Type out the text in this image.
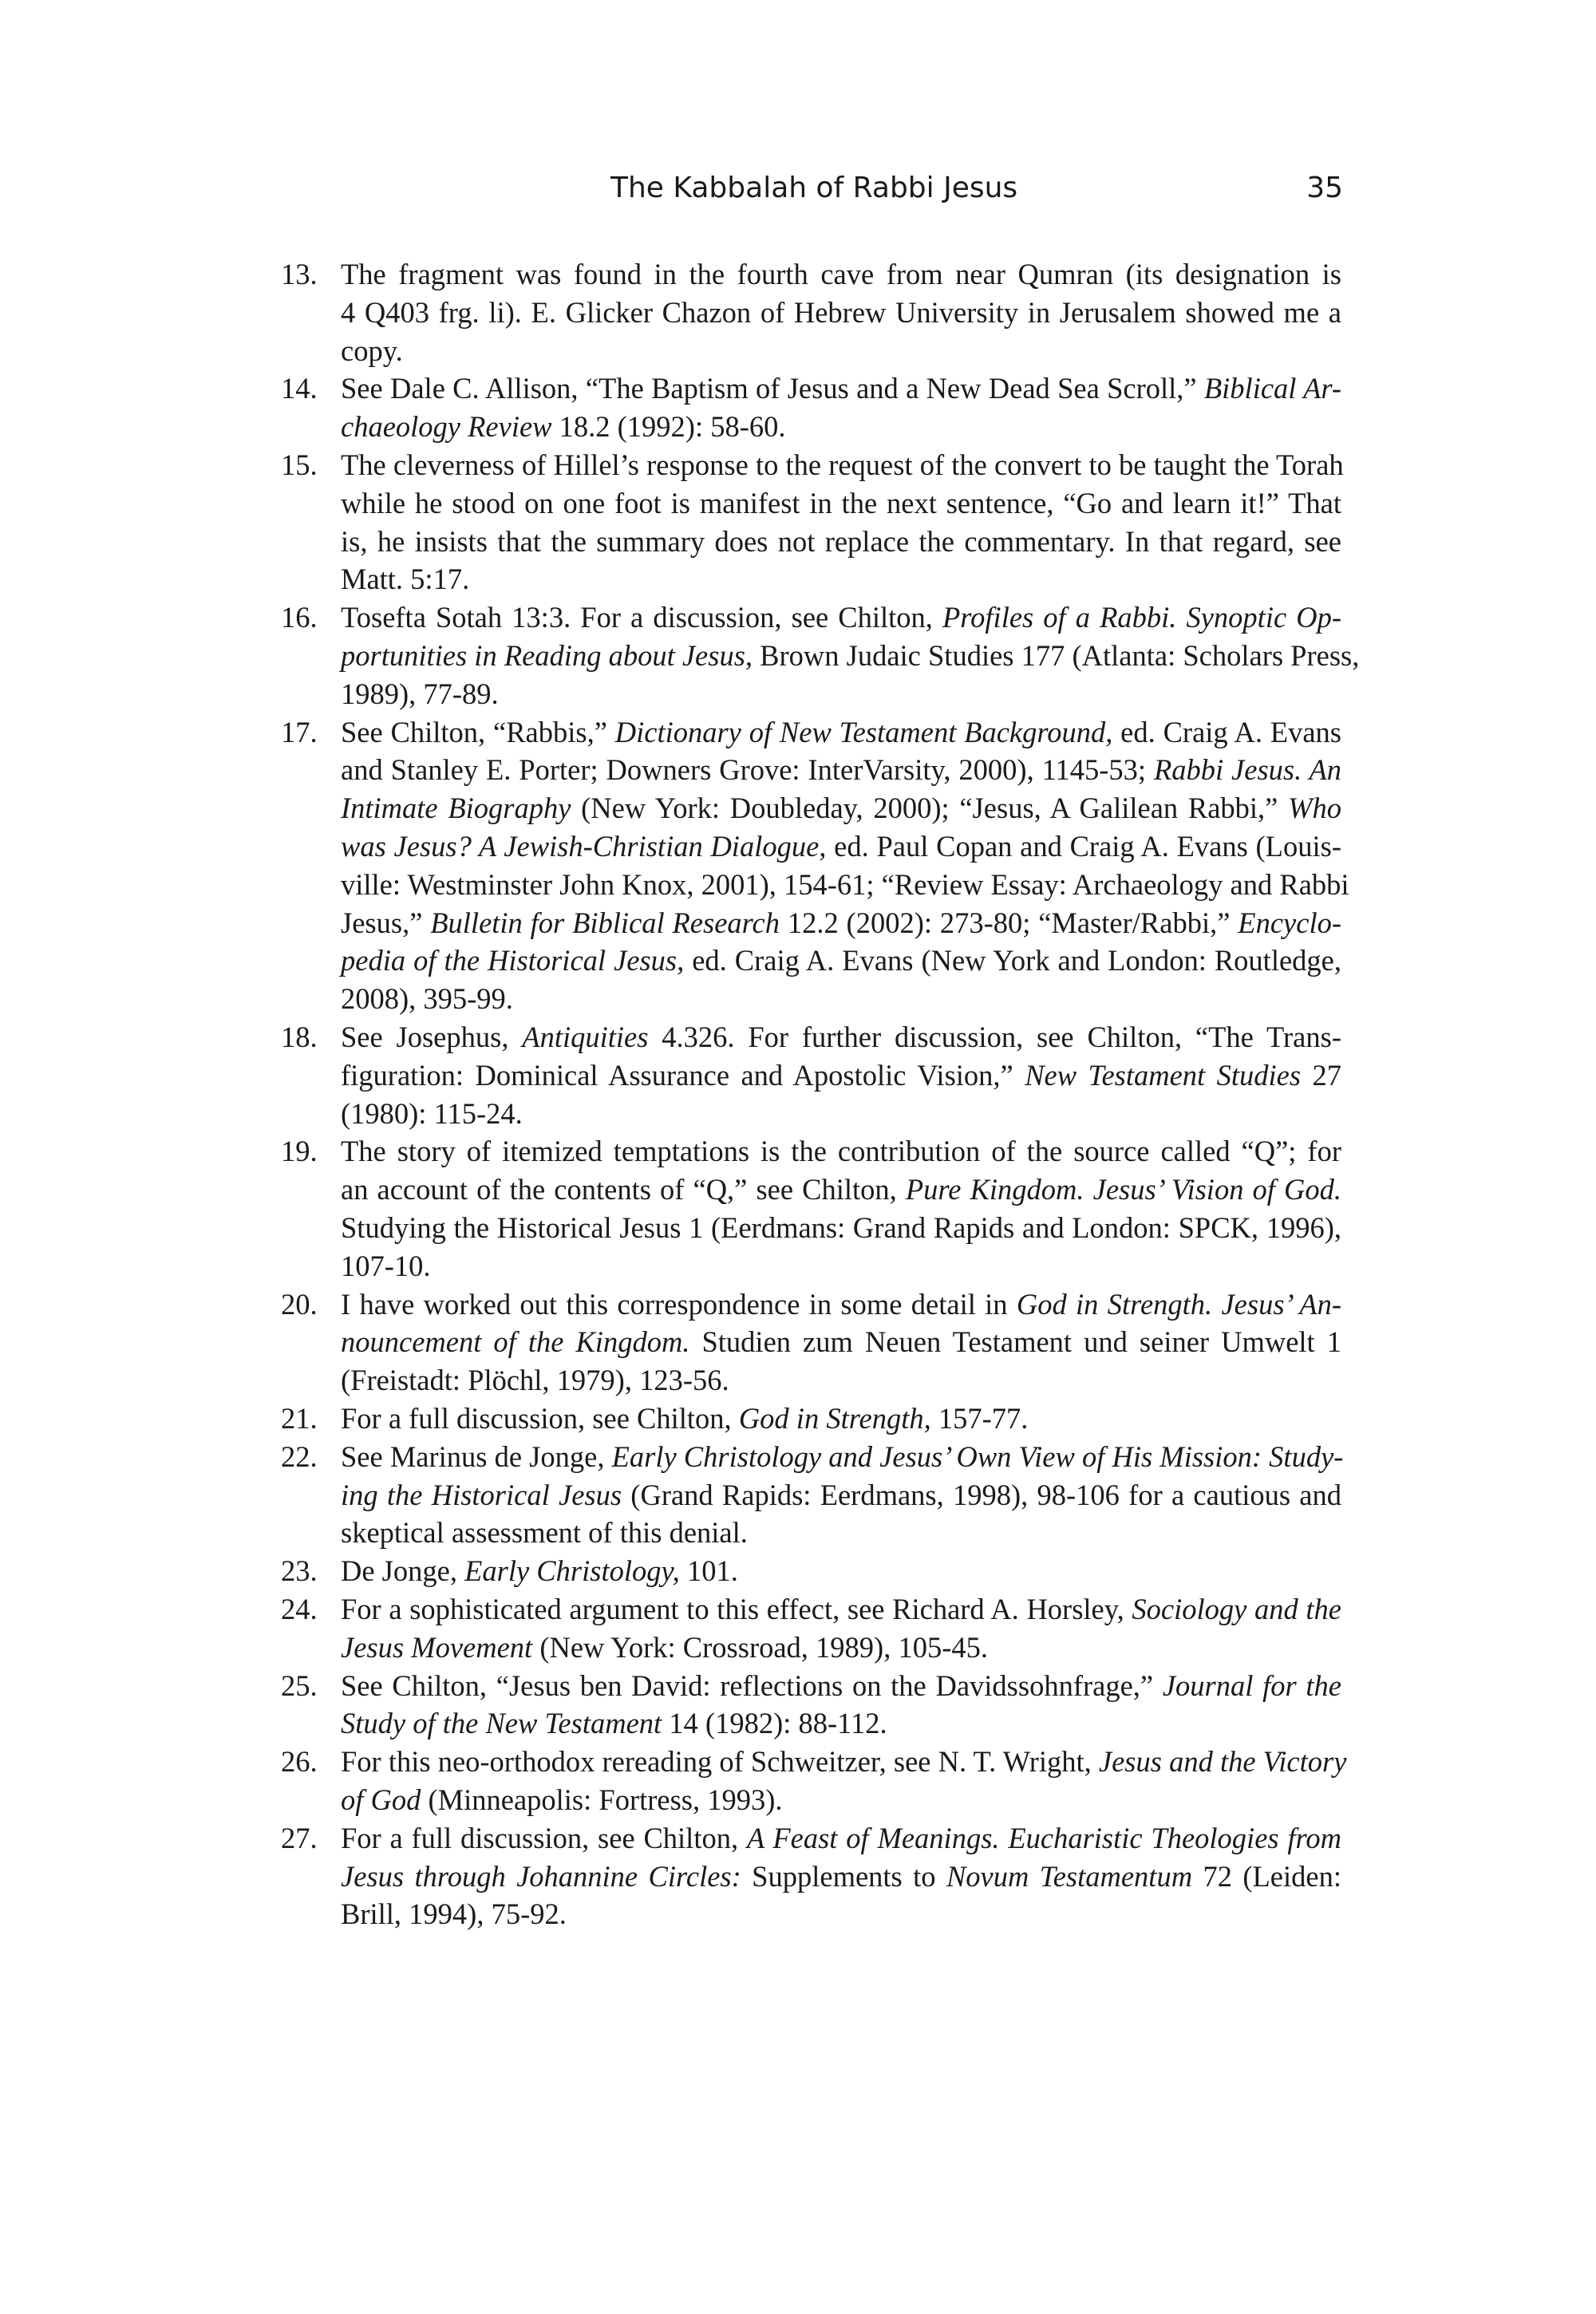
The Kabbalah of Rabbi Jesus	35
13. The fragment was found in the fourth cave from near Qumran (its designation is
4 Q403 frg. li). E. Glicker Chazon of Hebrew University in Jerusalem showed me a
copy.
14. See Dale C. Allison, “The Baptism of Jesus and a New Dead Sea Scroll,” Biblical Ar-
chaeology Review 18.2 (1992): 58-60.
15. The cleverness of Hillel’s response to the request of the convert to be taught the Torah
while he stood on one foot is manifest in the next sentence, “Go and learn it!” That
is, he insists that the summary does not replace the commentary. In that regard, see
Matt. 5:17.
16. Tosefta Sotah 13:3. For a discussion, see Chilton, Profiles of a Rabbi. Synoptic Op-
portunities in Reading about Jesus, Brown Judaic Studies 177 (Atlanta: Scholars Press,
1989), 77-89.
17. See Chilton, “Rabbis,” Dictionary of New Testament Background, ed. Craig A. Evans
and Stanley E. Porter; Downers Grove: InterVarsity, 2000), 1145-53; Rabbi Jesus. An
Intimate Biography (New York: Doubleday, 2000); “Jesus, A Galilean Rabbi,” Who
was Jesus? A Jewish-Christian Dialogue, ed. Paul Copan and Craig A. Evans (Louis-
ville: Westminster John Knox, 2001), 154-61; “Review Essay: Archaeology and Rabbi
Jesus,” Bulletin for Biblical Research 12.2 (2002): 273-80; “Master/Rabbi,” Encyclo-
pedia of the Historical Jesus, ed. Craig A. Evans (New York and London: Routledge,
2008), 395-99.
18. See Josephus, Antiquities 4.326. For further discussion, see Chilton, “The Trans-
figuration: Dominical Assurance and Apostolic Vision,” New Testament Studies 27
(1980): 115-24.
19. The story of itemized temptations is the contribution of the source called “Q”; for
an account of the contents of “Q,” see Chilton, Pure Kingdom. Jesus’ Vision of God.
Studying the Historical Jesus 1 (Eerdmans: Grand Rapids and London: SPCK, 1996),
107-10.
20. I have worked out this correspondence in some detail in God in Strength. Jesus’ An-
nouncement of the Kingdom. Studien zum Neuen Testament und seiner Umwelt 1
(Freistadt: Plöchl, 1979), 123-56.
21. For a full discussion, see Chilton, God in Strength, 157-77.
22. See Marinus de Jonge, Early Christology and Jesus’ Own View of His Mission: Study-
ing the Historical Jesus (Grand Rapids: Eerdmans, 1998), 98-106 for a cautious and
skeptical assessment of this denial.
23. De Jonge, Early Christology, 101.
24. For a sophisticated argument to this effect, see Richard A. Horsley, Sociology and the
Jesus Movement (New York: Crossroad, 1989), 105-45.
25. See Chilton, “Jesus ben David: reflections on the Davidssohnfrage,” Journal for the
Study of the New Testament 14 (1982): 88-112.
26. For this neo-orthodox rereading of Schweitzer, see N. T. Wright, Jesus and the Victory
of God (Minneapolis: Fortress, 1993).
27. For a full discussion, see Chilton, A Feast of Meanings. Eucharistic Theologies from
Jesus through Johannine Circles: Supplements to Novum Testamentum 72 (Leiden:
Brill, 1994), 75-92.
